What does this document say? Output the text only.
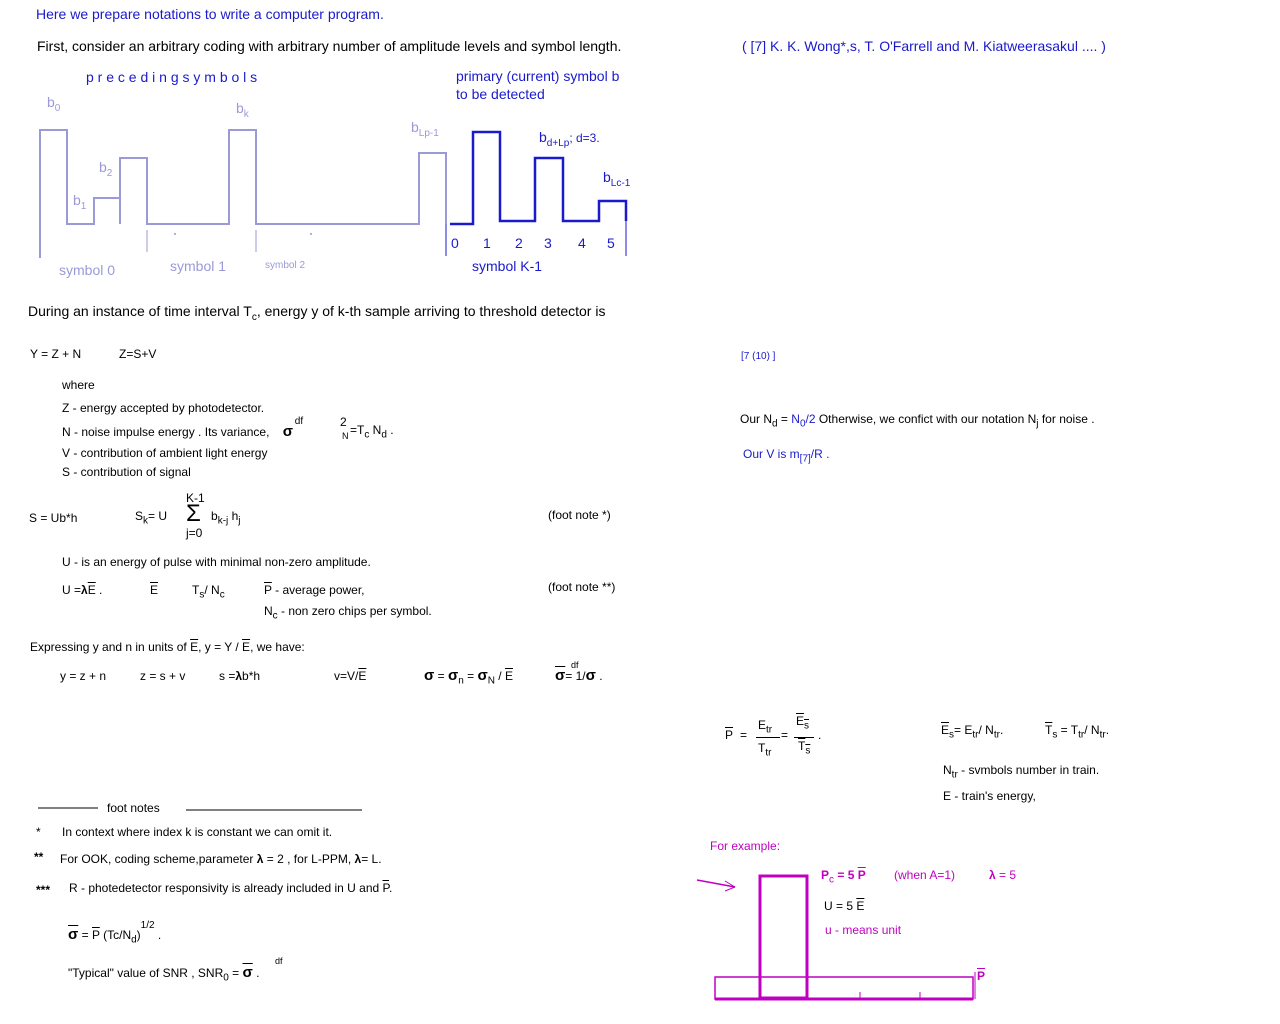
Here we prepare notations to write a computer program.
First, consider an arbitrary coding with arbitrary number of amplitude levels and symbol length.	( [7] K. K. Wong*,s, T. O'Farrell and M. Kiatweerasakul .... )
p r e c e d i n g s y m b o l s	primary (current) symbol b
to be detected
$b_0$
$b_1$
$b_2$
$b_k$
$b_{Lp-1}$	$b_{d+Lp}$; d=3.
$b_{Lc-1}$
0 1 2 3 4 5
symbol 0	symbol 1	symbol 2	symbol K-1
During an instance of time interval $T_c$, energy y of k-th sample arriving to threshold detector is
Y = Z + N	Z=S+V	[7 (10) ]
where
Z - energy accepted by photodetector.
N - noise impulse energy . Its variance, σ
df	2
$N =T_c$ $N_d$ .
V - contribution of ambient light energy
S - contribution of signal
Our $N_d = N_0/2$ Otherwise, we confict with our notation $N_j$ for noise .
Our V is $m_{[7]}/R$ .
S = Ub*h	$S_k= U$
K-1
Σ
j=0
$b_{k-j}$ $h_j$	(foot note *)
U - is an energy of pulse with minimal non-zero amplitude.
$U =\lambda\overline{E}$ .	$\overline{E}$	$T_s/$ $N_c$	$\overline{P}$ - average power,
$N_c$ - non zero chips per symbol.
(foot note **)
Expressing y and n in units of $\overline{E}$, $y = Y / \overline{E}$, we have:
y = z + n	z = s + v	s =λb*h	$v=V/\overline{E}$	$\sigma = \sigma_n = \sigma_N / \overline{E}$	$\overline{\sigma}= 1/\sigma$ .
df
$\overline{P}$ =
$E_{tr}$
$T_{tr}$
=
$E_s$
$T_s$
.	$\overline{E}_s= E_{tr}/$ $N_{tr}$.	$\overline{T}_s = T_{tr}/$ $N_{tr}$.
$N_{tr}$ - svmbols number in train.
E - train's energy,
foot notes
* In context where index k is constant we can omit it.
** For OOK, coding scheme,parameter λ = 2 , for L-PPM, λ= L.
*** R - photedetector responsivity is already included in U and $\overline{P}$.
$\overline{\sigma} = \overline{P}$ $(Tc/N_d)^{1/2}$ .
"Typical" value of SNR , $SNR_0 = \overline{\sigma}$ .
df
For example:
$P_c = 5$ $\overline{P}$ (when A=1)	λ = 5
U = 5 $\overline{E}$
u - means unit
$\overline{P}$
